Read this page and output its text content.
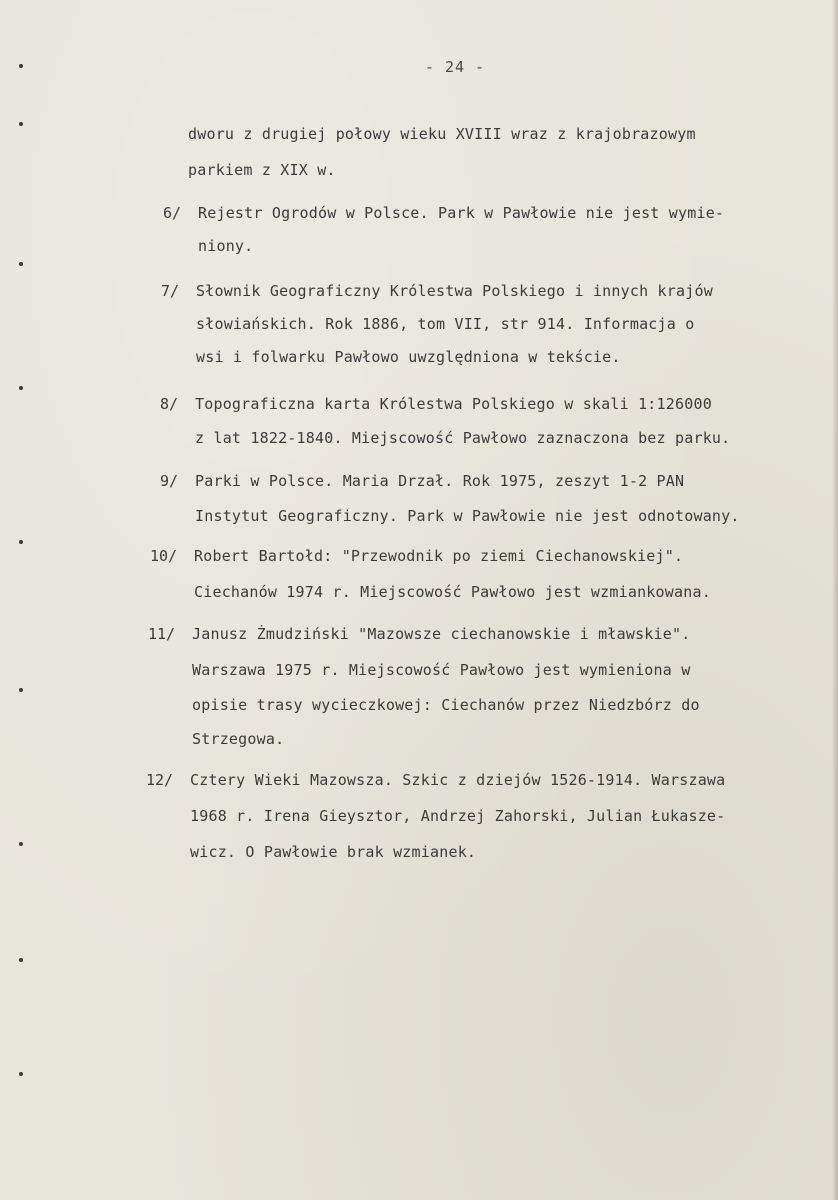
- 24 -
dworu z drugiej połowy wieku XVIII wraz z krajobrazowym
parkiem z XIX w.
6/ Rejestr Ogrodów w Polsce. Park w Pawłowie nie jest wymie-
niony.
7/ Słownik Geograficzny Królestwa Polskiego i innych krajów
słowiańskich. Rok 1886, tom VII, str 914. Informacja o
wsi i folwarku Pawłowo uwzględniona w tekście.
8/ Topograficzna karta Królestwa Polskiego w skali 1:126000
z lat 1822-1840. Miejscowość Pawłowo zaznaczona bez parku.
9/ Parki w Polsce. Maria Drzał. Rok 1975, zeszyt 1-2 PAN
Instytut Geograficzny. Park w Pawłowie nie jest odnotowany.
10/ Robert Bartołd: "Przewodnik po ziemi Ciechanowskiej".
Ciechanów 1974 r. Miejscowość Pawłowo jest wzmiankowana.
11/ Janusz Żmudziński "Mazowsze ciechanowskie i mławskie".
Warszawa 1975 r. Miejscowość Pawłowo jest wymieniona w
opisie trasy wycieczkowej: Ciechanów przez Niedzbórz do
Strzegowa.
12/ Cztery Wieki Mazowsza. Szkic z dziejów 1526-1914. Warszawa
1968 r. Irena Gieysztor, Andrzej Zahorski, Julian Łukasze-
wicz. O Pawłowie brak wzmianek.
